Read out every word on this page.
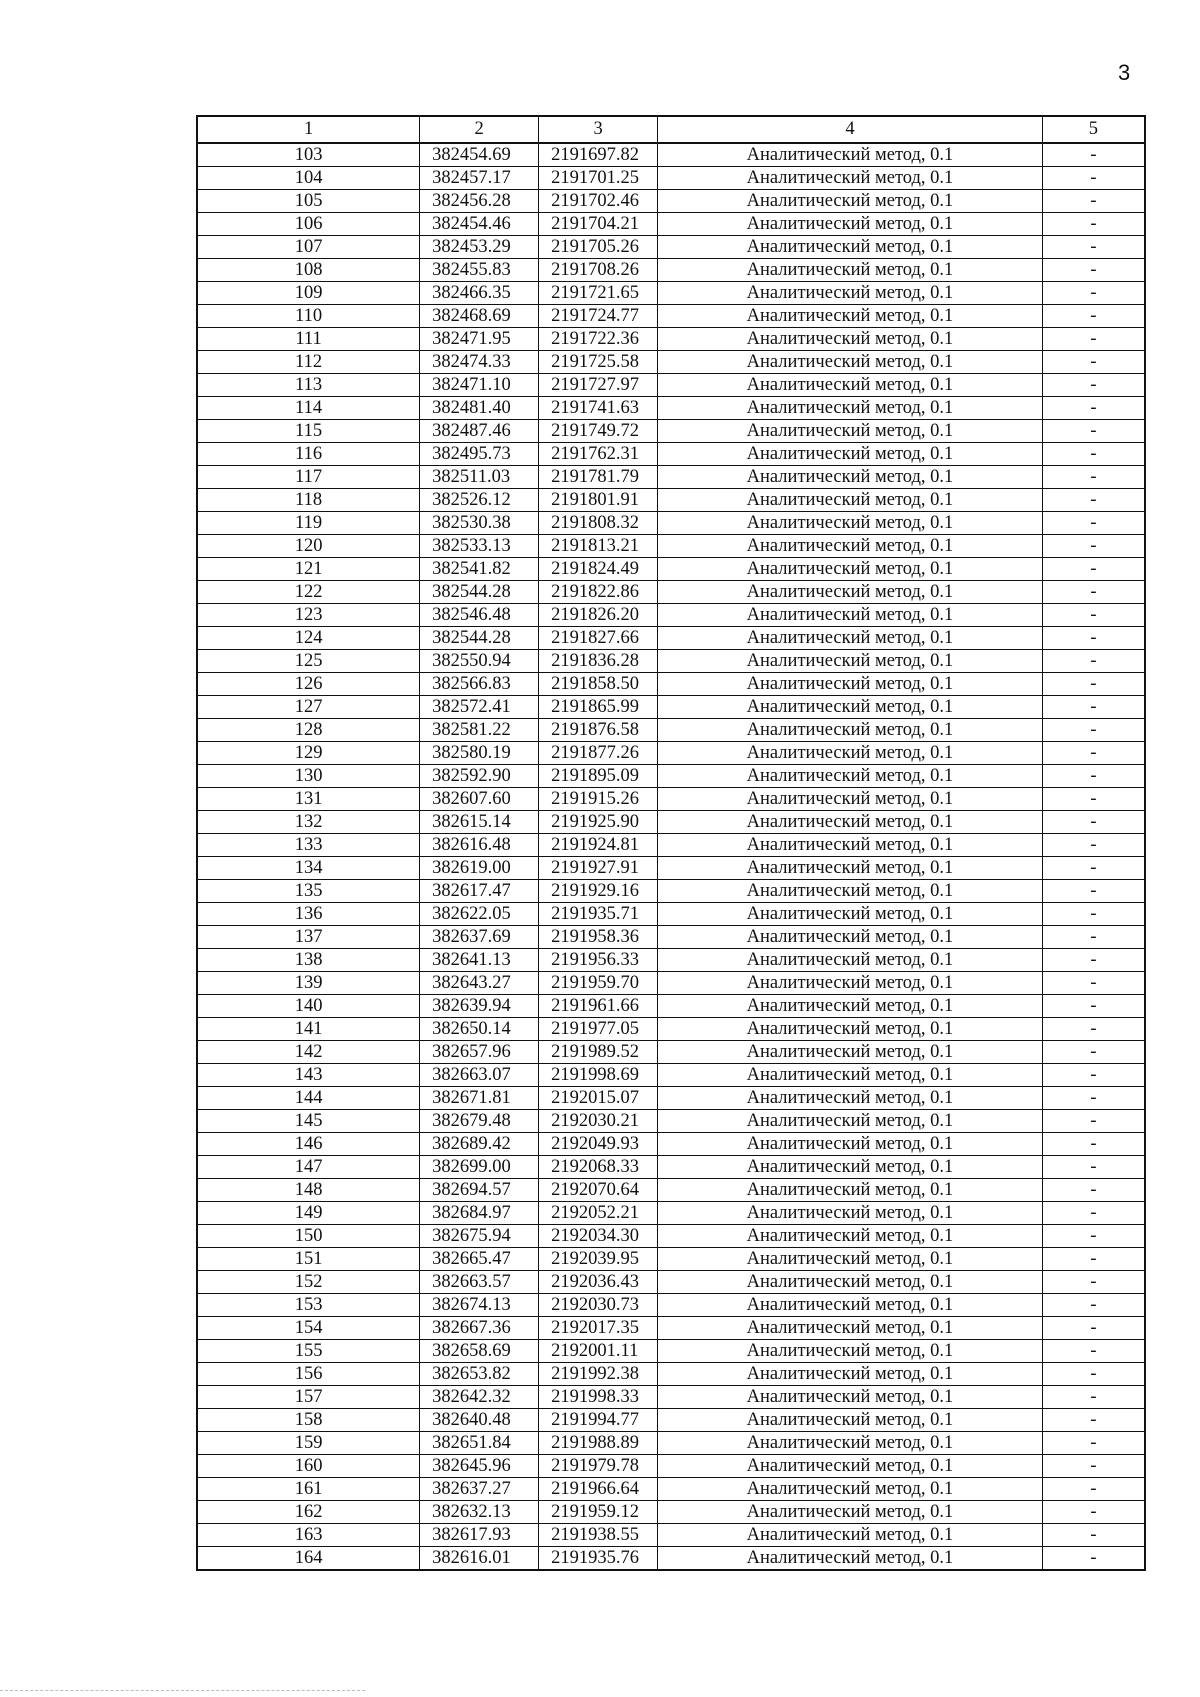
3
1	2	3	4	5
103	382454.69	2191697.82	Аналитический метод, 0.1	-
104	382457.17	2191701.25	Аналитический метод, 0.1	-
105	382456.28	2191702.46	Аналитический метод, 0.1	-
106	382454.46	2191704.21	Аналитический метод, 0.1	-
107	382453.29	2191705.26	Аналитический метод, 0.1	-
108	382455.83	2191708.26	Аналитический метод, 0.1	-
109	382466.35	2191721.65	Аналитический метод, 0.1	-
110	382468.69	2191724.77	Аналитический метод, 0.1	-
111	382471.95	2191722.36	Аналитический метод, 0.1	-
112	382474.33	2191725.58	Аналитический метод, 0.1	-
113	382471.10	2191727.97	Аналитический метод, 0.1	-
114	382481.40	2191741.63	Аналитический метод, 0.1	-
115	382487.46	2191749.72	Аналитический метод, 0.1	-
116	382495.73	2191762.31	Аналитический метод, 0.1	-
117	382511.03	2191781.79	Аналитический метод, 0.1	-
118	382526.12	2191801.91	Аналитический метод, 0.1	-
119	382530.38	2191808.32	Аналитический метод, 0.1	-
120	382533.13	2191813.21	Аналитический метод, 0.1	-
121	382541.82	2191824.49	Аналитический метод, 0.1	-
122	382544.28	2191822.86	Аналитический метод, 0.1	-
123	382546.48	2191826.20	Аналитический метод, 0.1	-
124	382544.28	2191827.66	Аналитический метод, 0.1	-
125	382550.94	2191836.28	Аналитический метод, 0.1	-
126	382566.83	2191858.50	Аналитический метод, 0.1	-
127	382572.41	2191865.99	Аналитический метод, 0.1	-
128	382581.22	2191876.58	Аналитический метод, 0.1	-
129	382580.19	2191877.26	Аналитический метод, 0.1	-
130	382592.90	2191895.09	Аналитический метод, 0.1	-
131	382607.60	2191915.26	Аналитический метод, 0.1	-
132	382615.14	2191925.90	Аналитический метод, 0.1	-
133	382616.48	2191924.81	Аналитический метод, 0.1	-
134	382619.00	2191927.91	Аналитический метод, 0.1	-
135	382617.47	2191929.16	Аналитический метод, 0.1	-
136	382622.05	2191935.71	Аналитический метод, 0.1	-
137	382637.69	2191958.36	Аналитический метод, 0.1	-
138	382641.13	2191956.33	Аналитический метод, 0.1	-
139	382643.27	2191959.70	Аналитический метод, 0.1	-
140	382639.94	2191961.66	Аналитический метод, 0.1	-
141	382650.14	2191977.05	Аналитический метод, 0.1	-
142	382657.96	2191989.52	Аналитический метод, 0.1	-
143	382663.07	2191998.69	Аналитический метод, 0.1	-
144	382671.81	2192015.07	Аналитический метод, 0.1	-
145	382679.48	2192030.21	Аналитический метод, 0.1	-
146	382689.42	2192049.93	Аналитический метод, 0.1	-
147	382699.00	2192068.33	Аналитический метод, 0.1	-
148	382694.57	2192070.64	Аналитический метод, 0.1	-
149	382684.97	2192052.21	Аналитический метод, 0.1	-
150	382675.94	2192034.30	Аналитический метод, 0.1	-
151	382665.47	2192039.95	Аналитический метод, 0.1	-
152	382663.57	2192036.43	Аналитический метод, 0.1	-
153	382674.13	2192030.73	Аналитический метод, 0.1	-
154	382667.36	2192017.35	Аналитический метод, 0.1	-
155	382658.69	2192001.11	Аналитический метод, 0.1	-
156	382653.82	2191992.38	Аналитический метод, 0.1	-
157	382642.32	2191998.33	Аналитический метод, 0.1	-
158	382640.48	2191994.77	Аналитический метод, 0.1	-
159	382651.84	2191988.89	Аналитический метод, 0.1	-
160	382645.96	2191979.78	Аналитический метод, 0.1	-
161	382637.27	2191966.64	Аналитический метод, 0.1	-
162	382632.13	2191959.12	Аналитический метод, 0.1	-
163	382617.93	2191938.55	Аналитический метод, 0.1	-
164	382616.01	2191935.76	Аналитический метод, 0.1	-
